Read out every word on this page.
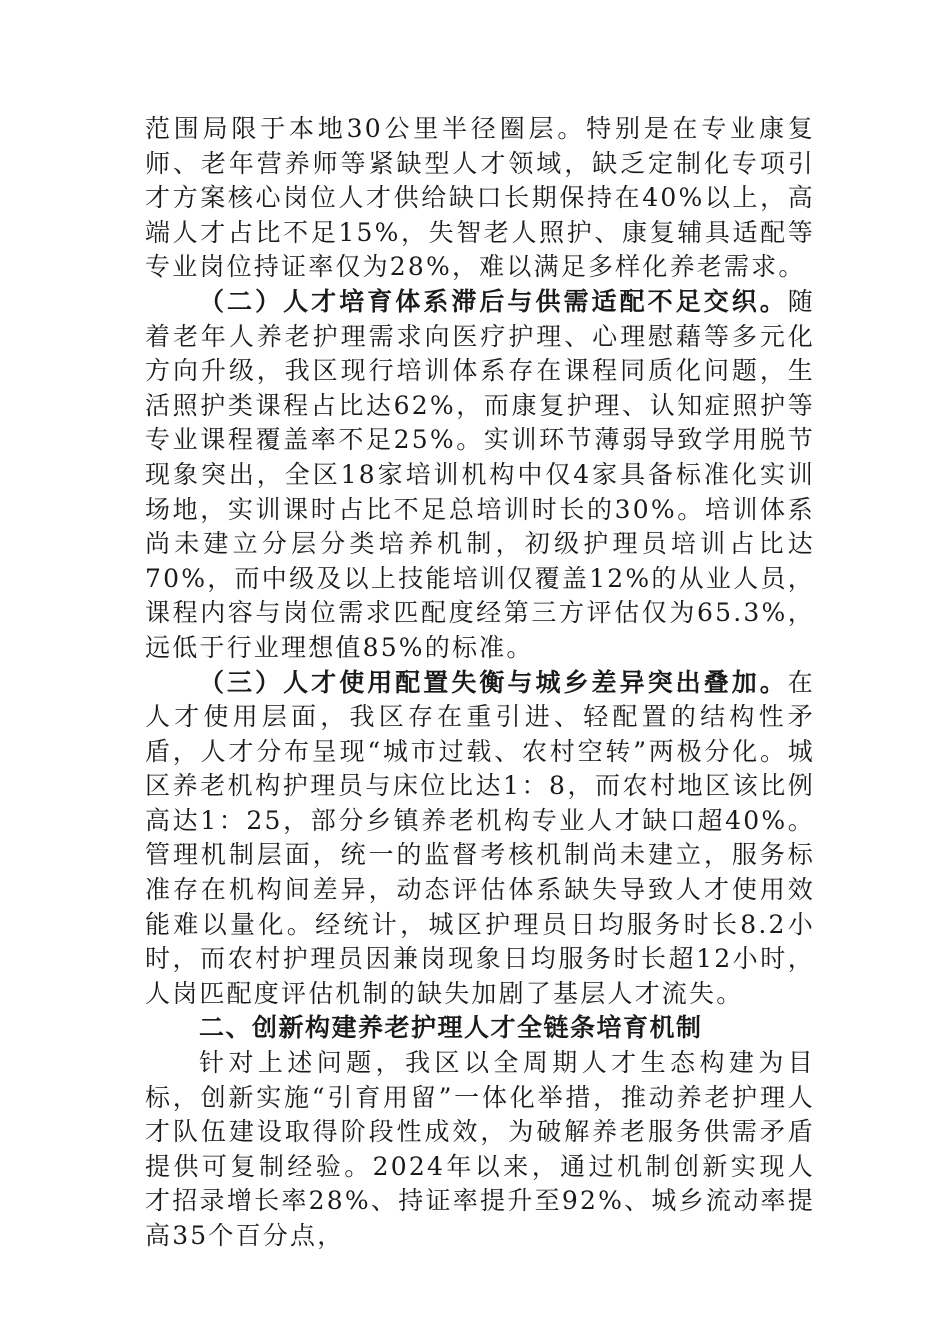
范围局限于本地30公里半径圈层。特别是在专业康复师、老年营养师等紧缺型人才领域，缺乏定制化专项引才方案核心岗位人才供给缺口长期保持在40%以上，高端人才占比不足15%，失智老人照护、康复辅具适配等专业岗位持证率仅为28%，难以满足多样化养老需求。

（二）人才培育体系滞后与供需适配不足交织。随着老年人养老护理需求向医疗护理、心理慰藉等多元化方向升级，我区现行培训体系存在课程同质化问题，生活照护类课程占比达62%，而康复护理、认知症照护等专业课程覆盖率不足25%。实训环节薄弱导致学用脱节现象突出，全区18家培训机构中仅4家具备标准化实训场地，实训课时占比不足总培训时长的30%。培训体系尚未建立分层分类培养机制，初级护理员培训占比达70%，而中级及以上技能培训仅覆盖12%的从业人员，课程内容与岗位需求匹配度经第三方评估仅为65.3%，远低于行业理想值85%的标准。

（三）人才使用配置失衡与城乡差异突出叠加。在人才使用层面，我区存在重引进、轻配置的结构性矛盾，人才分布呈现“城市过载、农村空转”两极分化。城区养老机构护理员与床位比达1：8，而农村地区该比例高达1：25，部分乡镇养老机构专业人才缺口超40%。管理机制层面，统一的监督考核机制尚未建立，服务标准存在机构间差异，动态评估体系缺失导致人才使用效能难以量化。经统计，城区护理员日均服务时长8.2小时，而农村护理员因兼岗现象日均服务时长超12小时，人岗匹配度评估机制的缺失加剧了基层人才流失。

二、创新构建养老护理人才全链条培育机制

针对上述问题，我区以全周期人才生态构建为目标，创新实施“引育用留”一体化举措，推动养老护理人才队伍建设取得阶段性成效，为破解养老服务供需矛盾提供可复制经验。2024年以来，通过机制创新实现人才招录增长率28%、持证率提升至92%、城乡流动率提高35个百分点，
